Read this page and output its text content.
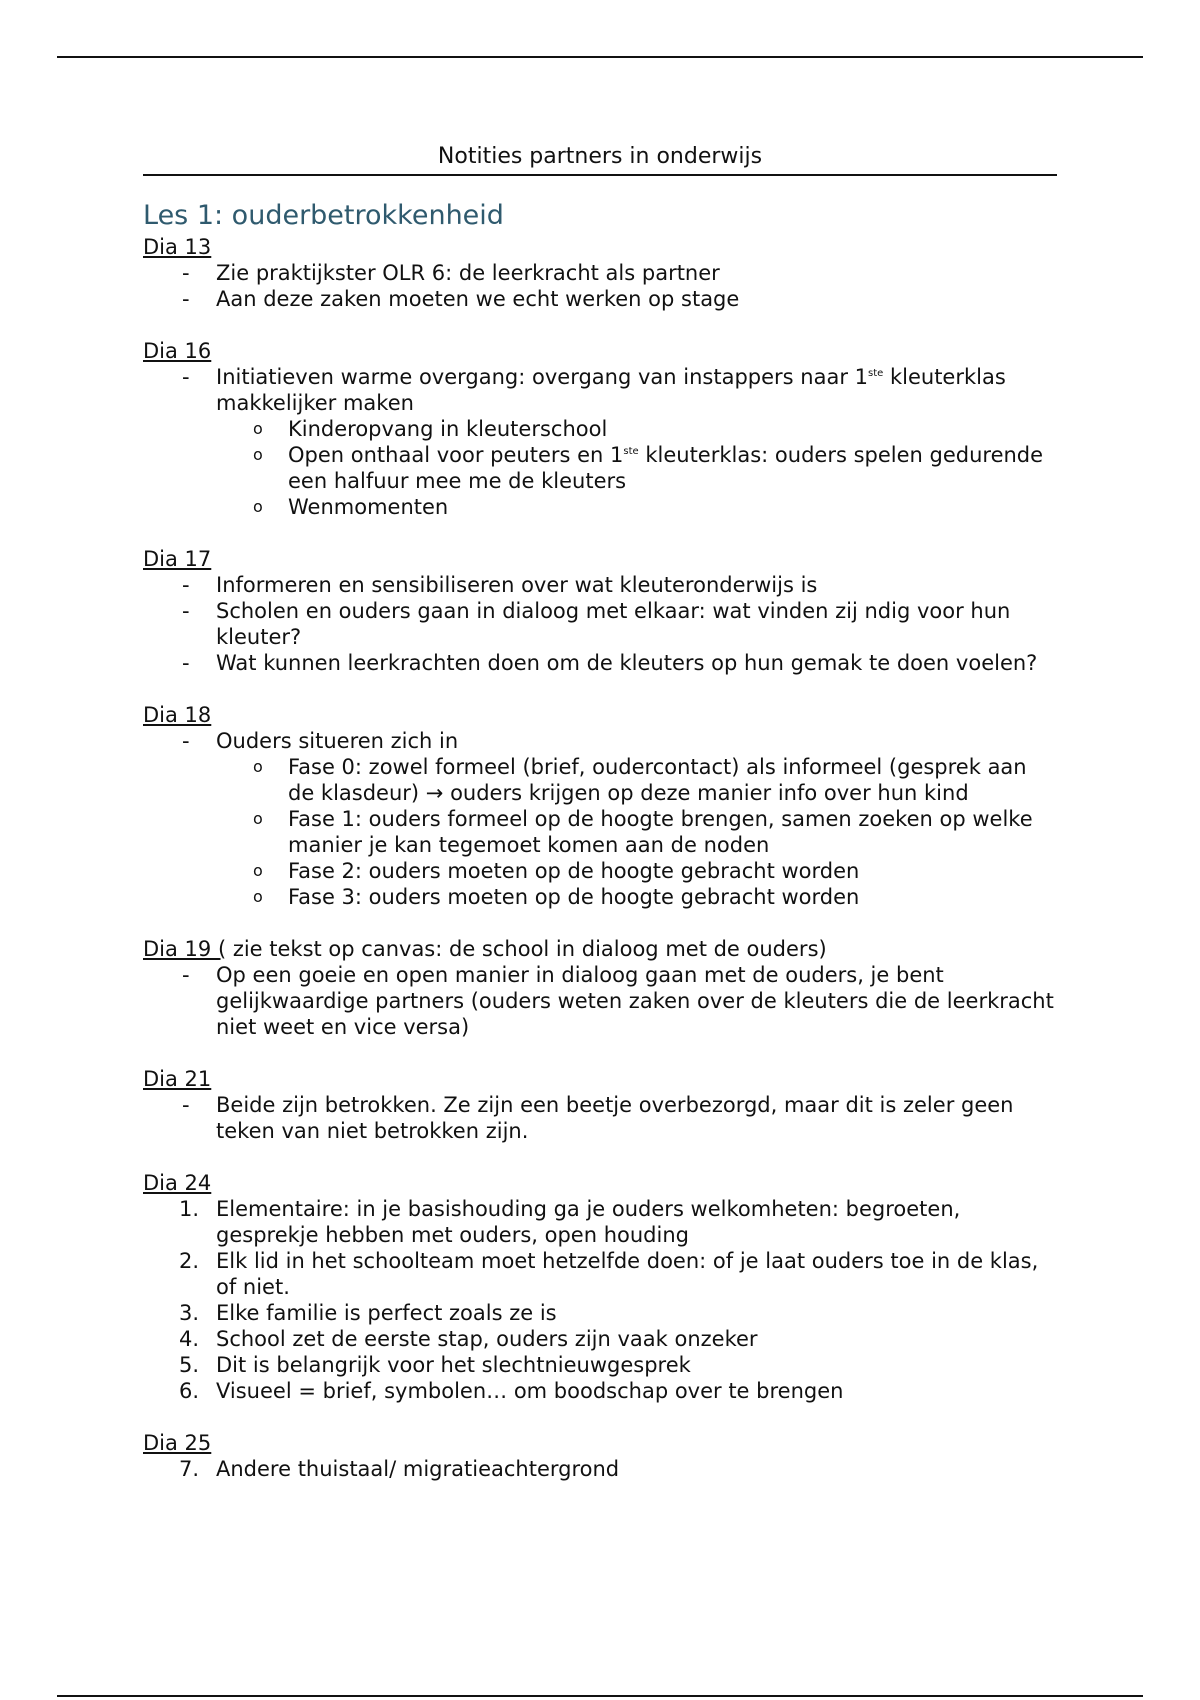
Notities partners in onderwijs
Les 1: ouderbetrokkenheid
Dia 13
- Zie praktijkster OLR 6: de leerkracht als partner
- Aan deze zaken moeten we echt werken op stage
Dia 16
- Initiatieven warme overgang: overgang van instappers naar 1ste kleuterklas makkelijker maken
o Kinderopvang in kleuterschool
o Open onthaal voor peuters en 1ste kleuterklas: ouders spelen gedurende een halfuur mee me de kleuters
o Wenmomenten
Dia 17
- Informeren en sensibiliseren over wat kleuteronderwijs is
- Scholen en ouders gaan in dialoog met elkaar: wat vinden zij ndig voor hun kleuter?
- Wat kunnen leerkrachten doen om de kleuters op hun gemak te doen voelen?
Dia 18
- Ouders situeren zich in
o Fase 0: zowel formeel (brief, oudercontact) als informeel (gesprek aan de klasdeur) → ouders krijgen op deze manier info over hun kind
o Fase 1: ouders formeel op de hoogte brengen, samen zoeken op welke manier je kan tegemoet komen aan de noden
o Fase 2: ouders moeten op de hoogte gebracht worden
o Fase 3: ouders moeten op de hoogte gebracht worden
Dia 19 ( zie tekst op canvas: de school in dialoog met de ouders)
- Op een goeie en open manier in dialoog gaan met de ouders, je bent gelijkwaardige partners (ouders weten zaken over de kleuters die de leerkracht niet weet en vice versa)
Dia 21
- Beide zijn betrokken. Ze zijn een beetje overbezorgd, maar dit is zeler geen teken van niet betrokken zijn.
Dia 24
1. Elementaire: in je basishouding ga je ouders welkomheten: begroeten, gesprekje hebben met ouders, open houding
2. Elk lid in het schoolteam moet hetzelfde doen: of je laat ouders toe in de klas, of niet.
3. Elke familie is perfect zoals ze is
4. School zet de eerste stap, ouders zijn vaak onzeker
5. Dit is belangrijk voor het slechtnieuwgesprek
6. Visueel = brief, symbolen… om boodschap over te brengen
Dia 25
7. Andere thuistaal/ migratieachtergrond
